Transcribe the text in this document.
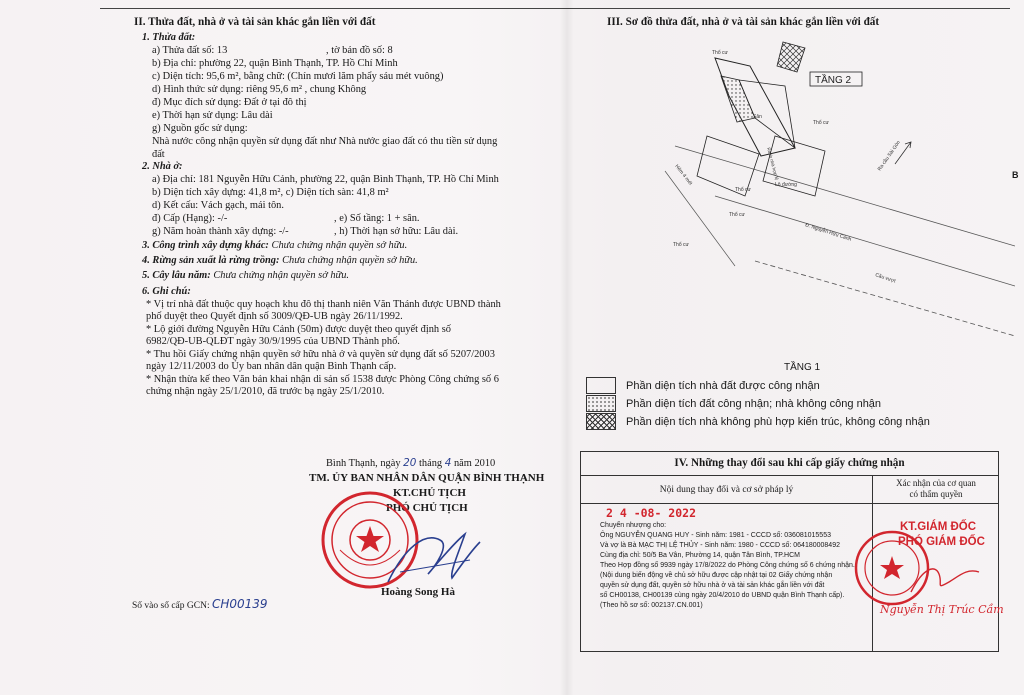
II. Thửa đất, nhà ở và tài sản khác gắn liền với đất
1. Thửa đất:
a) Thửa đất số: 13	, tờ bản đồ số: 8
b) Địa chỉ: phường 22, quận Bình Thạnh, TP. Hồ Chí Minh
c) Diện tích: 95,6 m², bằng chữ: (Chín mươi lăm phẩy sáu mét vuông)
d) Hình thức sử dụng: riêng 95,6 m² , chung Không
đ) Mục đích sử dụng: Đất ở tại đô thị
e) Thời hạn sử dụng: Lâu dài
g) Nguồn gốc sử dụng:
Nhà nước công nhận quyền sử dụng đất như Nhà nước giao đất có thu tiền sử dụng
đất
2. Nhà ở:
a) Địa chỉ: 181 Nguyễn Hữu Cảnh, phường 22, quận Bình Thạnh, TP. Hồ Chí Minh
b) Diện tích xây dựng: 41,8 m², c) Diện tích sàn: 41,8 m²
d) Kết cấu: Vách gạch, mái tôn.
đ) Cấp (Hạng): -/-	, e) Số tầng: 1 + sân.
g) Năm hoàn thành xây dựng: -/-	, h) Thời hạn sở hữu: Lâu dài.
3. Công trình xây dựng khác: Chưa chứng nhận quyền sở hữu.
4. Rừng sản xuất là rừng trồng: Chưa chứng nhận quyền sở hữu.
5. Cây lâu năm: Chưa chứng nhận quyền sở hữu.
6. Ghi chú:
* Vị trí nhà đất thuộc quy hoạch khu đô thị thanh niên Văn Thánh được UBND thành
phố duyệt theo Quyết định số 3009/QĐ-UB ngày 26/11/1992.
* Lộ giới đường Nguyễn Hữu Cảnh (50m) được duyệt theo quyết định số
6982/QĐ-UB-QLĐT ngày 30/9/1995 của UBND Thành phố.
* Thu hồi Giấy chứng nhận quyền sở hữu nhà ở và quyền sử dụng đất số 5207/2003
ngày 12/11/2003 do Ủy ban nhân dân quận Bình Thạnh cấp.
* Nhận thừa kế theo Văn bản khai nhận di sản số 1538 được Phòng Công chứng số 6
chứng nhận ngày 25/1/2010, đã trước bạ ngày 25/1/2010.
Bình Thạnh, ngày 20 tháng 4 năm 2010
TM. ỦY BAN NHÂN DÂN QUẬN BÌNH THẠNH
KT.CHỦ TỊCH
PHÓ CHỦ TỊCH
Hoàng Song Hà
Số vào sổ cấp GCN: CH00139
III. Sơ đồ thửa đất, nhà ở và tài sản khác gắn liền với đất
TẦNG 2
Thổ cư
Sân
Thổ cư
Lộ đường
Thổ cư
Thổ cư
Thổ cư
Hẻm 4 mét
Đ. Nguyễn Hữu Cảnh
Cầu vượt
Ra cầu Sài Gòn
Ranh nhà hợp lệ
TẦNG 1
Phần diện tích nhà đất được công nhận
Phần diện tích đất công nhận; nhà không công nhận
Phần diện tích nhà không phù hợp kiến trúc, không công nhận
IV. Những thay đổi sau khi cấp giấy chứng nhận
Nội dung thay đổi và cơ sở pháp lý
Xác nhận của cơ quan
có thẩm quyền
2 4 -08- 2022
Chuyển nhượng cho:
Ông NGUYỄN QUANG HUY - Sinh năm: 1981 - CCCD số: 036081015553
Và vợ là Bà MẠC THỊ LỆ THỦY - Sinh năm: 1980 - CCCD số: 064180008492
Cùng địa chỉ: 50/5 Ba Vân, Phường 14, quận Tân Bình, TP.HCM
Theo Hợp đồng số 9939 ngày 17/8/2022 do Phòng Công chứng số 6 chứng nhận.
(Nội dung biến động về chủ sở hữu được cập nhật tại 02 Giấy chứng nhận
quyền sử dụng đất, quyền sở hữu nhà ở và tài sản khác gắn liền với đất
số CH00138, CH00139 cùng ngày 20/4/2010 do UBND quận Bình Thạnh cấp).
(Theo hồ sơ số: 002137.CN.001)
KT.GIÁM ĐỐC
PHÓ GIÁM ĐỐC
Nguyễn Thị Trúc Cầm
B
